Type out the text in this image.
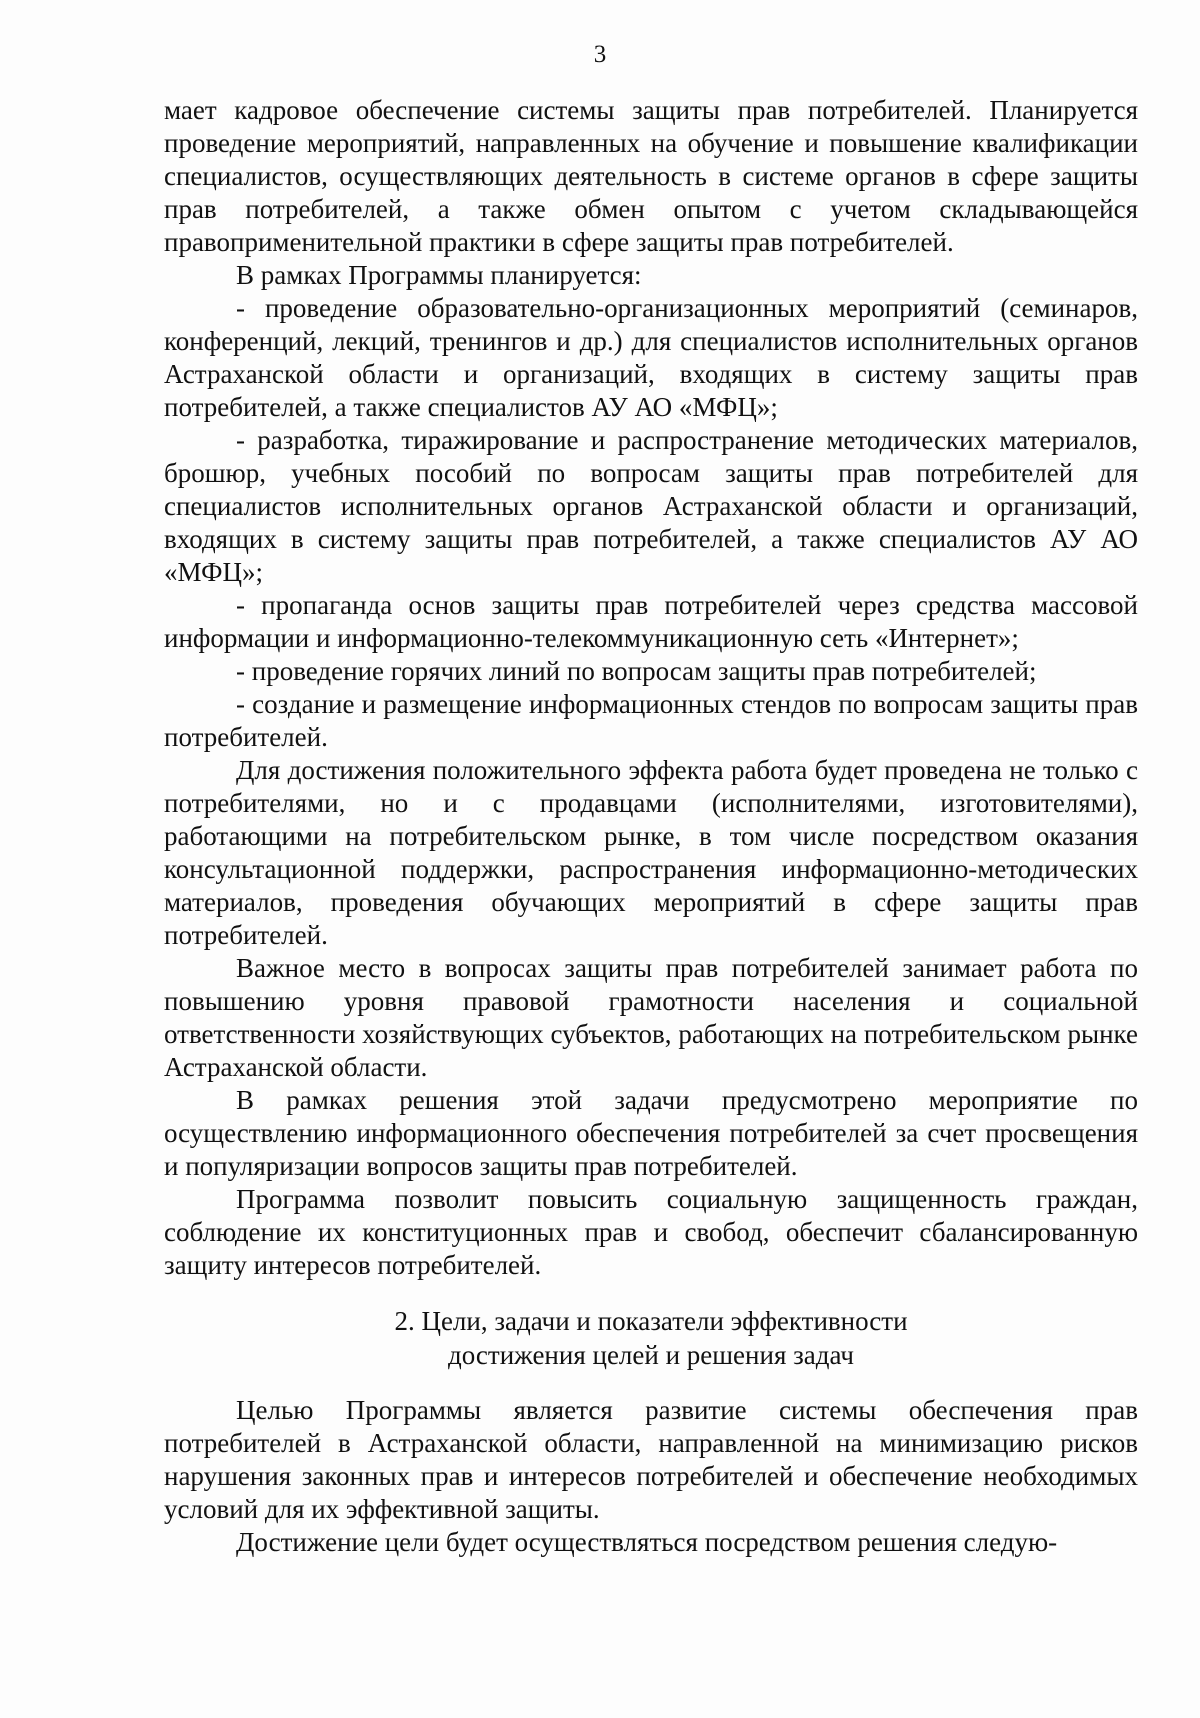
3

мает кадровое обеспечение системы защиты прав потребителей. Планируется проведение мероприятий, направленных на обучение и повышение квалификации специалистов, осуществляющих деятельность в системе органов в сфере защиты прав потребителей, а также обмен опытом с учетом складывающейся правоприменительной практики в сфере защиты прав потребителей.

В рамках Программы планируется:

- проведение образовательно-организационных мероприятий (семинаров, конференций, лекций, тренингов и др.) для специалистов исполнительных органов Астраханской области и организаций, входящих в систему защиты прав потребителей, а также специалистов АУ АО «МФЦ»;

- разработка, тиражирование и распространение методических материалов, брошюр, учебных пособий по вопросам защиты прав потребителей для специалистов исполнительных органов Астраханской области и организаций, входящих в систему защиты прав потребителей, а также специалистов АУ АО «МФЦ»;

- пропаганда основ защиты прав потребителей через средства массовой информации и информационно-телекоммуникационную сеть «Интернет»;

- проведение горячих линий по вопросам защиты прав потребителей;

- создание и размещение информационных стендов по вопросам защиты прав потребителей.

Для достижения положительного эффекта работа будет проведена не только с потребителями, но и с продавцами (исполнителями, изготовителями), работающими на потребительском рынке, в том числе посредством оказания консультационной поддержки, распространения информационно-методических материалов, проведения обучающих мероприятий в сфере защиты прав потребителей.

Важное место в вопросах защиты прав потребителей занимает работа по повышению уровня правовой грамотности населения и социальной ответственности хозяйствующих субъектов, работающих на потребительском рынке Астраханской области.

В рамках решения этой задачи предусмотрено мероприятие по осуществлению информационного обеспечения потребителей за счет просвещения и популяризации вопросов защиты прав потребителей.

Программа позволит повысить социальную защищенность граждан, соблюдение их конституционных прав и свобод, обеспечит сбалансированную защиту интересов потребителей.

2. Цели, задачи и показатели эффективности
достижения целей и решения задач

Целью Программы является развитие системы обеспечения прав потребителей в Астраханской области, направленной на минимизацию рисков нарушения законных прав и интересов потребителей и обеспечение необходимых условий для их эффективной защиты.

Достижение цели будет осуществляться посредством решения следую-
